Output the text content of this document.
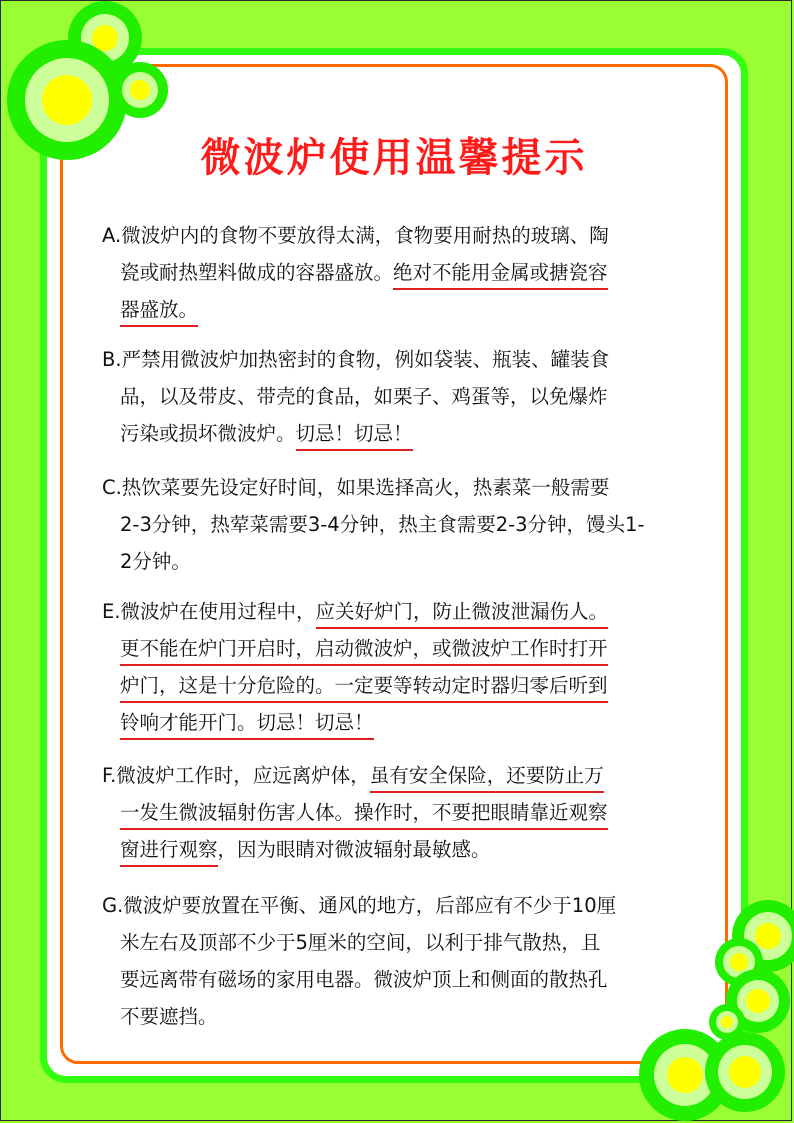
微波炉使用温馨提示
A.微波炉内的食物不要放得太满，食物要用耐热的玻璃、陶
瓷或耐热塑料做成的容器盛放。绝对不能用金属或搪瓷容
器盛放。
B.严禁用微波炉加热密封的食物，例如袋装、瓶装、罐装食
品，以及带皮、带壳的食品，如栗子、鸡蛋等，以免爆炸
污染或损坏微波炉。切忌！切忌！
C.热饮菜要先设定好时间，如果选择高火，热素菜一般需要
2-3分钟，热荤菜需要3-4分钟，热主食需要2-3分钟，馒头1-
2分钟。
E.微波炉在使用过程中，应关好炉门，防止微波泄漏伤人。
更不能在炉门开启时，启动微波炉，或微波炉工作时打开
炉门，这是十分危险的。一定要等转动定时器归零后听到
铃响才能开门。切忌！切忌！
F.微波炉工作时，应远离炉体，虽有安全保险，还要防止万
一发生微波辐射伤害人体。操作时，不要把眼睛靠近观察
窗进行观察，因为眼睛对微波辐射最敏感。
G.微波炉要放置在平衡、通风的地方，后部应有不少于10厘
米左右及顶部不少于5厘米的空间，以利于排气散热，且
要远离带有磁场的家用电器。微波炉顶上和侧面的散热孔
不要遮挡。
